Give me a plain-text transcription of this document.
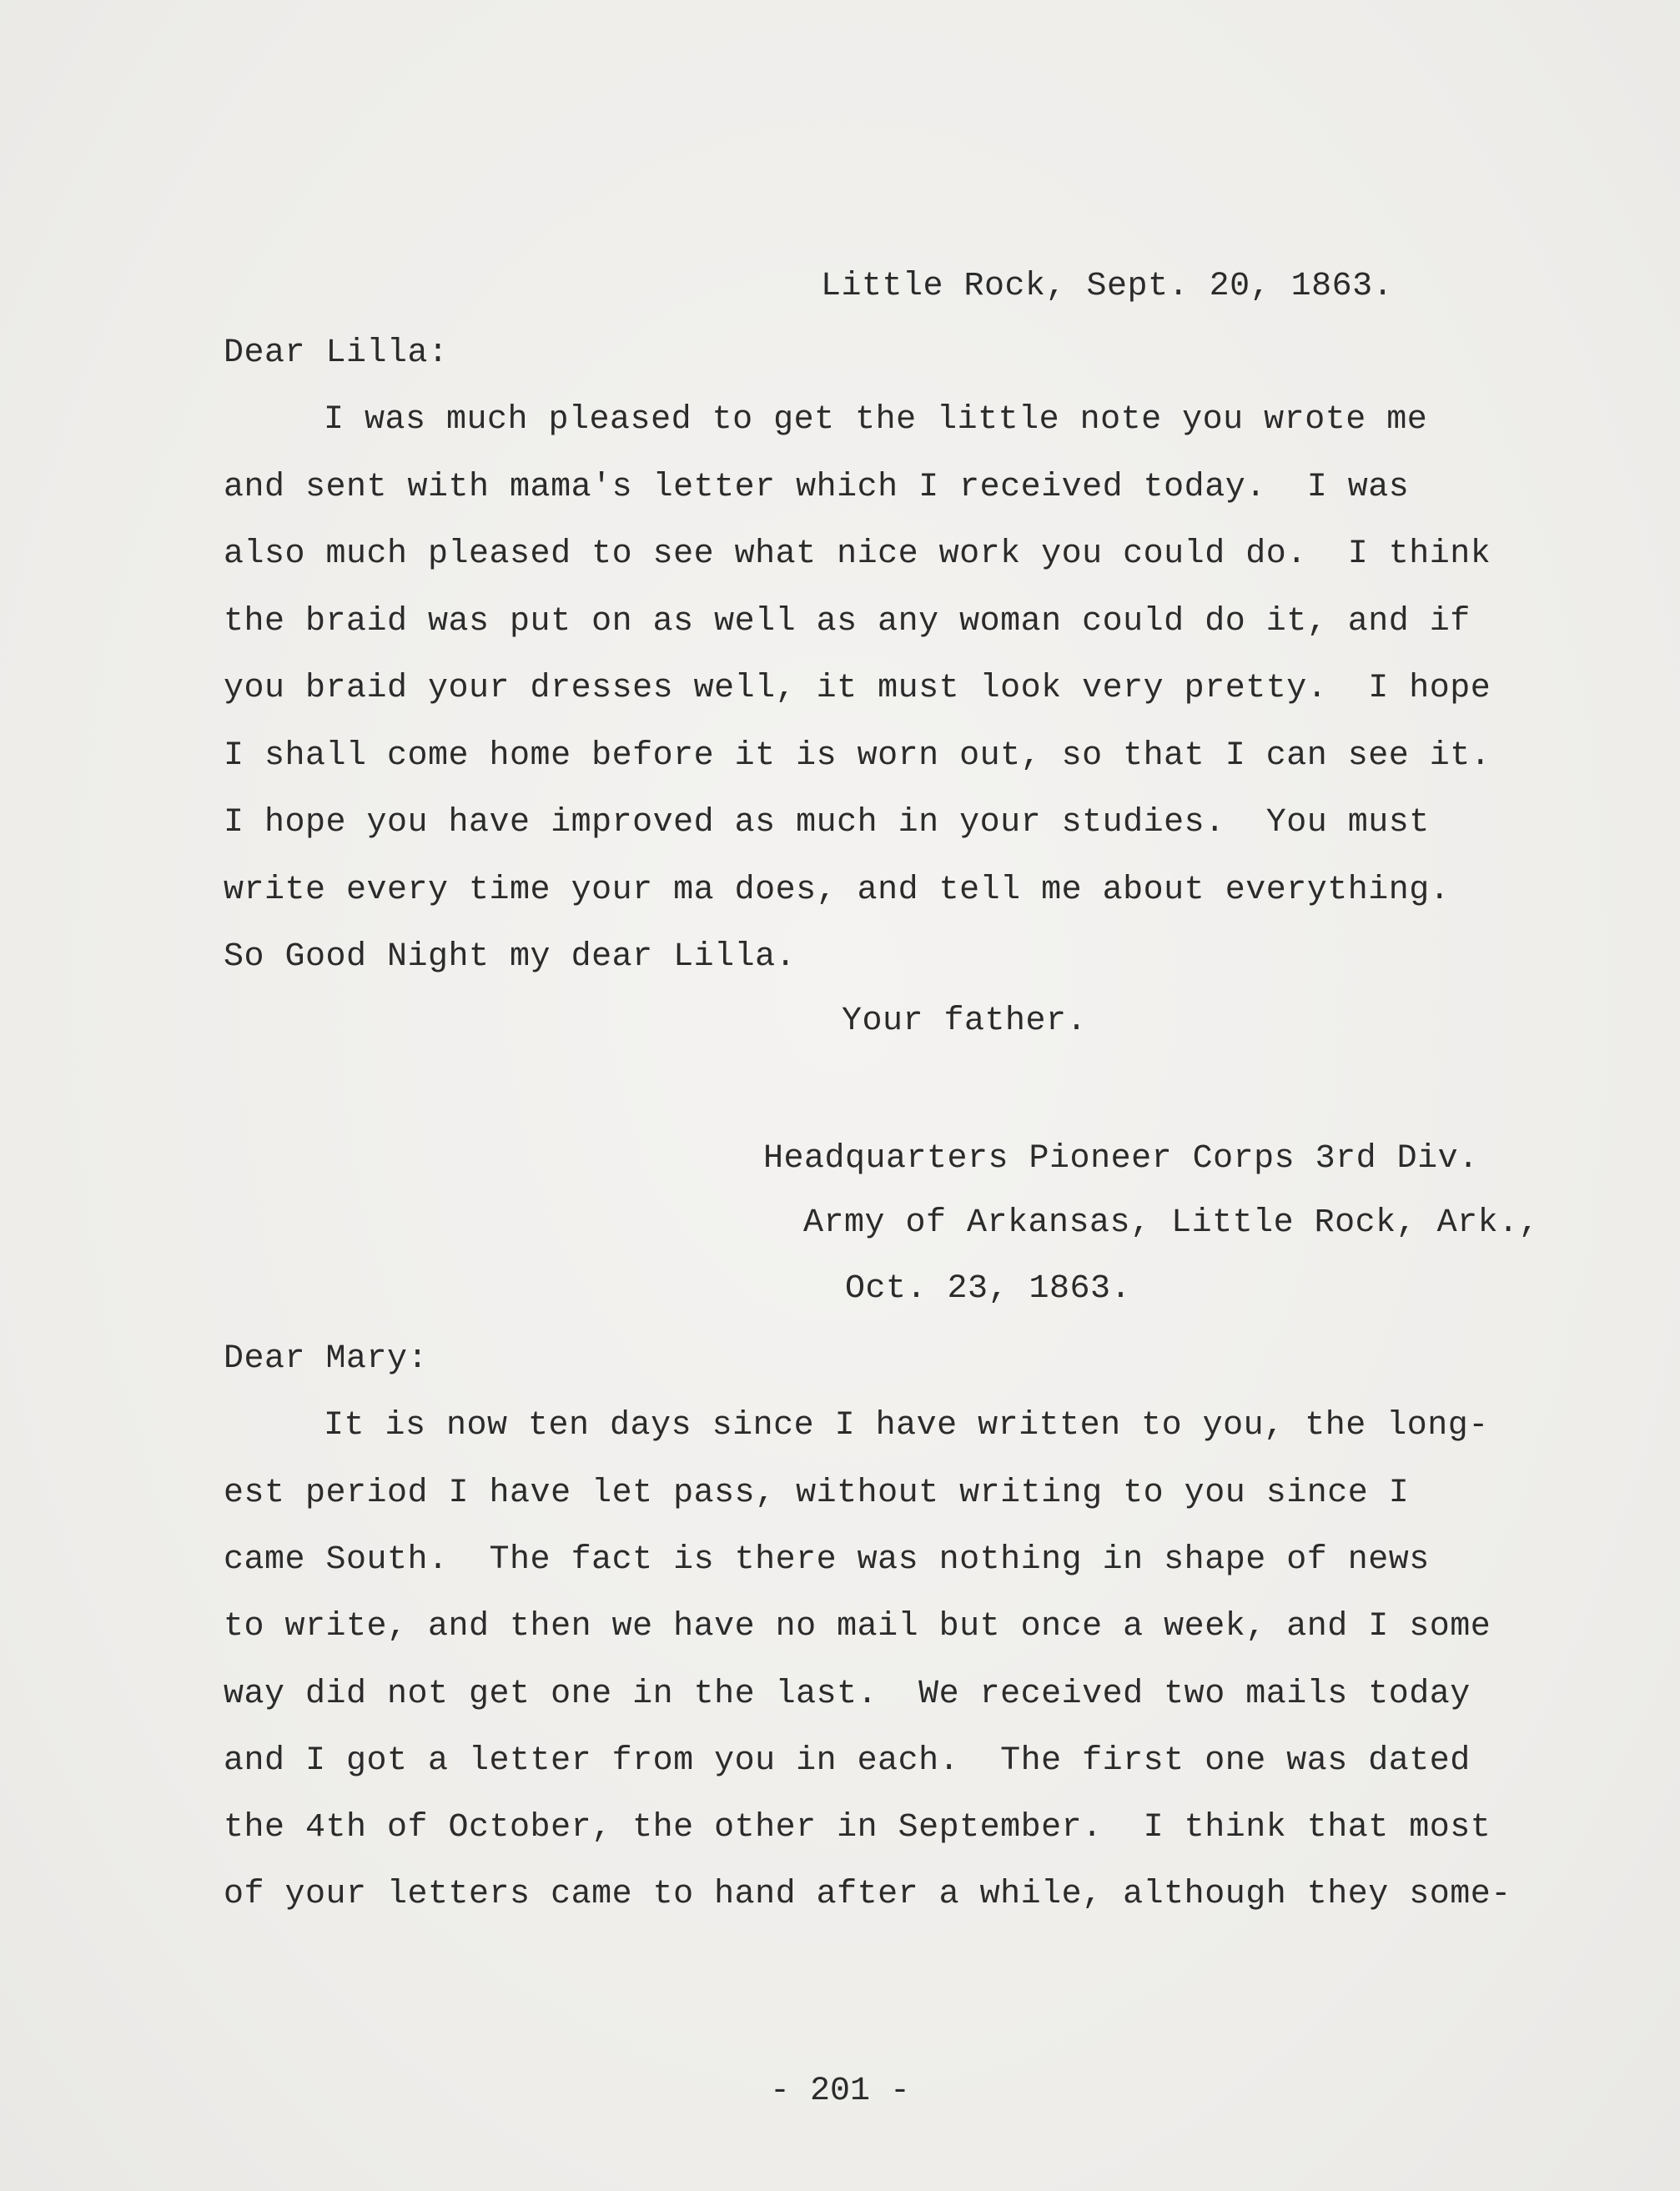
Little Rock, Sept. 20, 1863.
Dear Lilla:
I was much pleased to get the little note you wrote me
and sent with mama's letter which I received today.  I was
also much pleased to see what nice work you could do.  I think
the braid was put on as well as any woman could do it, and if
you braid your dresses well, it must look very pretty.  I hope
I shall come home before it is worn out, so that I can see it.
I hope you have improved as much in your studies.  You must
write every time your ma does, and tell me about everything.
So Good Night my dear Lilla.
Your father.
Headquarters Pioneer Corps 3rd Div.
Army of Arkansas, Little Rock, Ark.,
Oct. 23, 1863.
Dear Mary:
It is now ten days since I have written to you, the long-
est period I have let pass, without writing to you since I
came South.  The fact is there was nothing in shape of news
to write, and then we have no mail but once a week, and I some
way did not get one in the last.  We received two mails today
and I got a letter from you in each.  The first one was dated
the 4th of October, the other in September.  I think that most
of your letters came to hand after a while, although they some-
- 201 -
